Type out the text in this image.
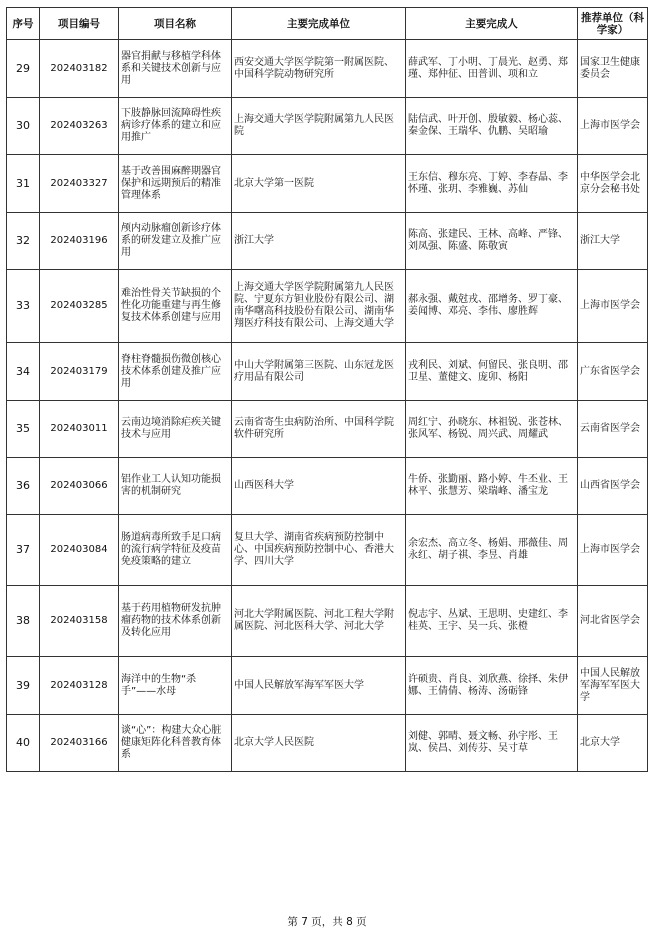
序号	项目编号	项目名称	主要完成单位	主要完成人	推荐单位（科学家）
29	202403182	器官捐献与移植学科体系和关键技术创新与应用	西安交通大学医学院第一附属医院、中国科学院动物研究所	薛武军、丁小明、丁晨光、赵勇、郑瑾、郑仲征、田普训、项和立	国家卫生健康委员会
30	202403263	下肢静脉回流障碍性疾病诊疗体系的建立和应用推广	上海交通大学医学院附属第九人民医院	陆信武、叶开创、殷敏毅、杨心蕊、秦金保、王瑞华、仇鹏、吴昭瑜	上海市医学会
31	202403327	基于改善围麻醉期器官保护和远期预后的精准管理体系	北京大学第一医院	王东信、穆东亮、丁婷、李春晶、李怀瑾、张玥、李雅巍、苏仙	中华医学会北京分会秘书处
32	202403196	颅内动脉瘤创新诊疗体系的研发建立及推广应用	浙江大学	陈高、张建民、王林、高峰、严锋、刘凤强、陈盛、陈敬寅	浙江大学
33	202403285	难治性骨关节缺损的个性化功能重建与再生修复技术体系创建与应用	上海交通大学医学院附属第九人民医院、宁夏东方钽业股份有限公司、湖南华曙高科技股份有限公司、湖南华翔医疗科技有限公司、上海交通大学	郝永强、戴尅戎、邵增务、罗丁豪、姜闻博、邓亮、李伟、廖胜辉	上海市医学会
34	202403179	脊柱脊髓损伤微创核心技术体系创建及推广应用	中山大学附属第三医院、山东冠龙医疗用品有限公司	戎利民、刘斌、何留民、张良明、邵卫星、董健文、庞卯、杨阳	广东省医学会
35	202403011	云南边境消除疟疾关键技术与应用	云南省寄生虫病防治所、中国科学院软件研究所	周红宁、孙晓东、林祖锐、张苍林、张风军、杨锐、周兴武、周耀武	云南省医学会
36	202403066	铝作业工人认知功能损害的机制研究	山西医科大学	牛侨、张勤丽、路小婷、牛丕业、王林平、张慧芳、梁瑞峰、潘宝龙	山西省医学会
37	202403084	肠道病毒所致手足口病的流行病学特征及疫苗免疫策略的建立	复旦大学、湖南省疾病预防控制中心、中国疾病预防控制中心、香港大学、四川大学	余宏杰、高立冬、杨娟、邢薇佳、周永红、胡子祺、李昱、肖雄	上海市医学会
38	202403158	基于药用植物研发抗肿瘤药物的技术体系创新及转化应用	河北大学附属医院、河北工程大学附属医院、河北医科大学、河北大学	倪志宇、丛斌、王思明、史建红、李桂英、王宇、吴一兵、张橙	河北省医学会
39	202403128	海洋中的生物“杀手”——水母	中国人民解放军海军军医大学	许硕贵、肖良、刘欣燕、徐择、朱伊娜、王倩倩、杨涛、汤砺锋	中国人民解放军海军军医大学
40	202403166	谈“心”：构建大众心脏健康矩阵化科普教育体系	北京大学人民医院	刘健、郭晴、聂文畅、孙宇彤、王岚、侯昌、刘传芬、吴寸草	北京大学
第 7 页，共 8 页
